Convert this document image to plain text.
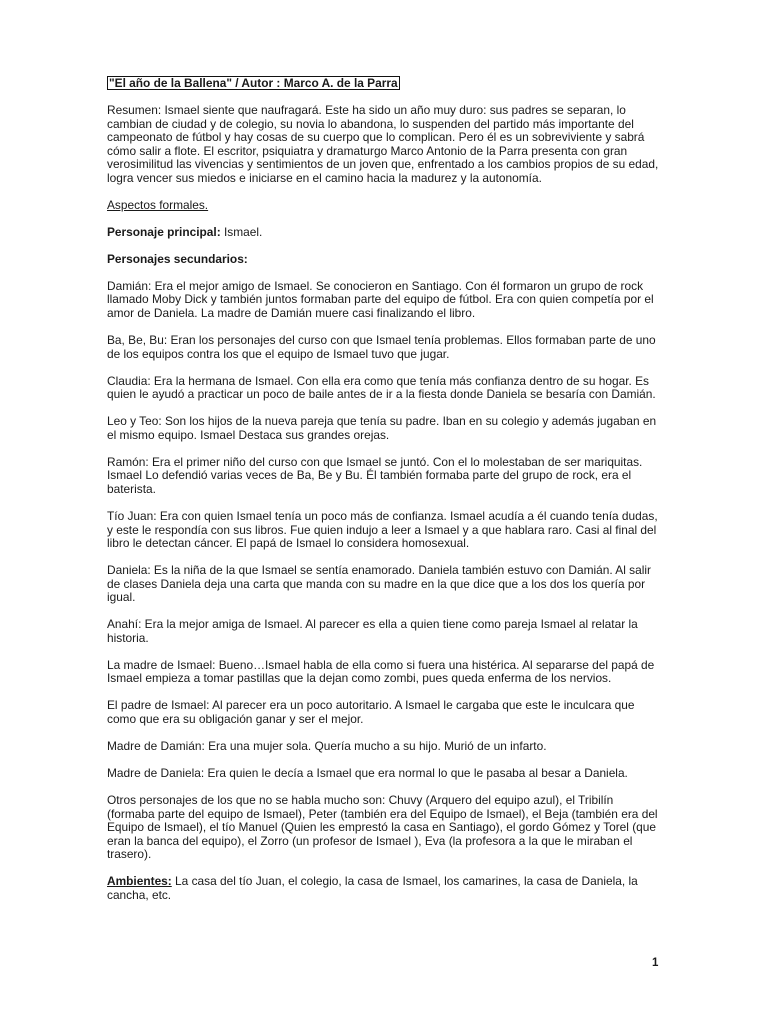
"El año de la Ballena" / Autor : Marco A. de la Parra

Resumen: Ismael siente que naufragará. Este ha sido un año muy duro: sus padres se separan, lo cambian de ciudad y de colegio, su novia lo abandona, lo suspenden del partido más importante del campeonato de fútbol y hay cosas de su cuerpo que lo complican. Pero él es un sobreviviente y sabrá cómo salir a flote. El escritor, psiquiatra y dramaturgo Marco Antonio de la Parra presenta con gran verosimilitud las vivencias y sentimientos de un joven que, enfrentado a los cambios propios de su edad, logra vencer sus miedos e iniciarse en el camino hacia la madurez y la autonomía.

Aspectos formales.

Personaje principal: Ismael.

Personajes secundarios:

Damián: Era el mejor amigo de Ismael. Se conocieron en Santiago. Con él formaron un grupo de rock llamado Moby Dick y también juntos formaban parte del equipo de fútbol. Era con quien competía por el amor de Daniela. La madre de Damián muere casi finalizando el libro.

Ba, Be, Bu: Eran los personajes del curso con que Ismael tenía problemas. Ellos formaban parte de uno de los equipos contra los que el equipo de Ismael tuvo que jugar.

Claudia: Era la hermana de Ismael. Con ella era como que tenía más confianza dentro de su hogar. Es quien le ayudó a practicar un poco de baile antes de ir a la fiesta donde Daniela se besaría con Damián.

Leo y Teo: Son los hijos de la nueva pareja que tenía su padre. Iban en su colegio y además jugaban en el mismo equipo. Ismael Destaca sus grandes orejas.

Ramón: Era el primer niño del curso con que Ismael se juntó. Con el lo molestaban de ser mariquitas. Ismael Lo defendió varias veces de Ba, Be y Bu. Él también formaba parte del grupo de rock, era el baterista.

Tío Juan: Era con quien Ismael tenía un poco más de confianza. Ismael acudía a él cuando tenía dudas, y este le respondía con sus libros. Fue quien indujo a leer a Ismael y a que hablara raro. Casi al final del libro le detectan cáncer. El papá de Ismael lo considera homosexual.

Daniela: Es la niña de la que Ismael se sentía enamorado. Daniela también estuvo con Damián. Al salir de clases Daniela deja una carta que manda con su madre en la que dice que a los dos los quería por igual.

Anahí: Era la mejor amiga de Ismael. Al parecer es ella a quien tiene como pareja Ismael al relatar la historia.

La madre de Ismael: Bueno…Ismael habla de ella como si fuera una histérica. Al separarse del papá de Ismael empieza a tomar pastillas que la dejan como zombi, pues queda enferma de los nervios.

El padre de Ismael: Al parecer era un poco autoritario. A Ismael le cargaba que este le inculcara que como que era su obligación ganar y ser el mejor.

Madre de Damián: Era una mujer sola. Quería mucho a su hijo. Murió de un infarto.

Madre de Daniela: Era quien le decía a Ismael que era normal lo que le pasaba al besar a Daniela.

Otros personajes de los que no se habla mucho son: Chuvy (Arquero del equipo azul), el Tribilín (formaba parte del equipo de Ismael), Peter (también era del Equipo de Ismael), el Beja (también era del Equipo de Ismael), el tío Manuel (Quien les emprestó la casa en Santiago), el gordo Gómez y Torel (que eran la banca del equipo), el Zorro (un profesor de Ismael ), Eva (la profesora a la que le miraban el trasero).

Ambientes: La casa del tío Juan, el colegio, la casa de Ismael, los camarines, la casa de Daniela, la cancha, etc.

1
